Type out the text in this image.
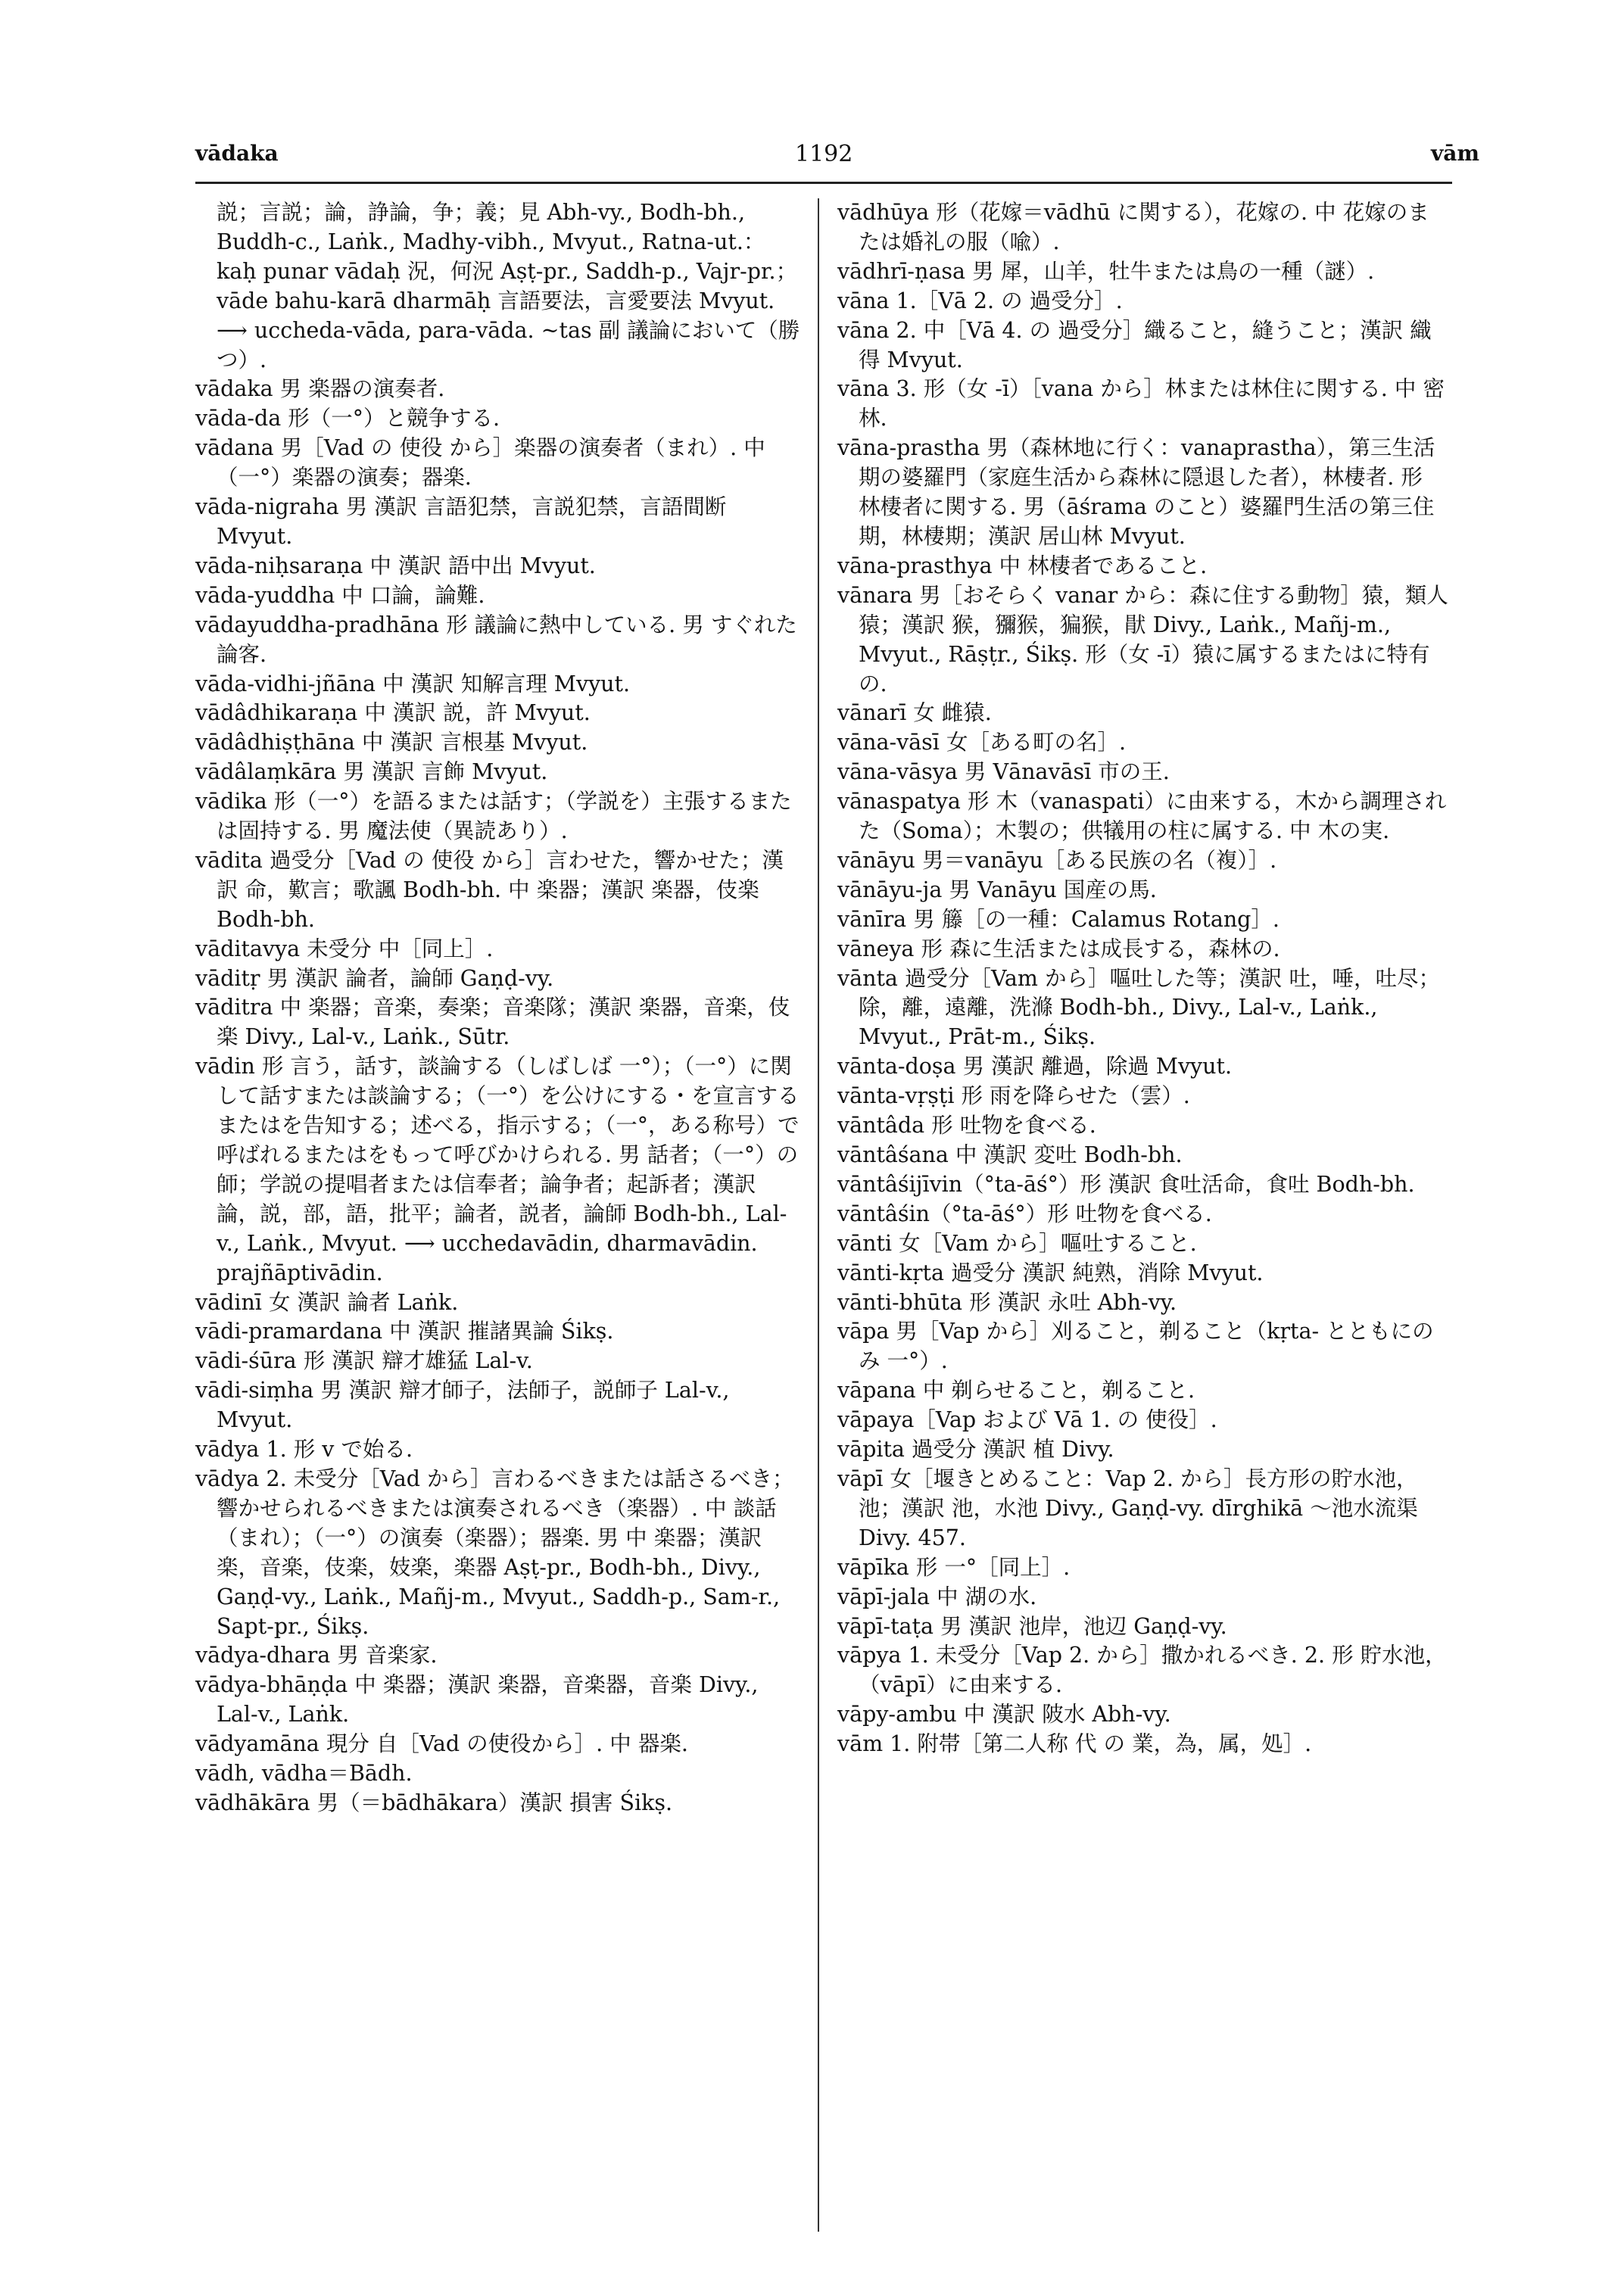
vādaka	1192	vām

説；言説；論，諍論，争；義；見 Abh-vy., Bodh-bh., Buddh-c., Laṅk., Madhy-vibh., Mvyut., Ratna-ut.：kaḥ punar vādaḥ 況，何況 Aṣṭ-pr., Saddh-p., Vajr-pr.；vāde bahu-karā dharmāḥ 言語要法，言愛要法 Mvyut. ⟶ uccheda-vāda, para-vāda. ~tas 副 議論において（勝つ）.

vādaka 男 楽器の演奏者.

vāda-da 形（一°）と競争する.

vādana 男［Vad の 使役 から］楽器の演奏者（まれ）. 中（一°）楽器の演奏；器楽.

vāda-nigraha 男 漢訳 言語犯禁，言説犯禁，言語間断 Mvyut.

vāda-niḥsaraṇa 中 漢訳 語中出 Mvyut.

vāda-yuddha 中 口論，論難.

vādayuddha-pradhāna 形 議論に熱中している. 男 すぐれた論客.

vāda-vidhi-jñāna 中 漢訳 知解言理 Mvyut.

vādâdhikaraṇa 中 漢訳 説，許 Mvyut.

vādâdhiṣṭhāna 中 漢訳 言根基 Mvyut.

vādâlaṃkāra 男 漢訳 言飾 Mvyut.

vādika 形（一°）を語るまたは話す；（学説を）主張するまたは固持する. 男 魔法使（異読あり）.

vādita 過受分［Vad の 使役 から］言わせた，響かせた；漢訳 命，歎言；歌諷 Bodh-bh. 中 楽器；漢訳 楽器，伎楽 Bodh-bh.

vāditavya 未受分 中［同上］.

vāditṛ 男 漢訳 論者，論師 Gaṇḍ-vy.

vāditra 中 楽器；音楽，奏楽；音楽隊；漢訳 楽器，音楽，伎楽 Divy., Lal-v., Laṅk., Sūtr.

vādin 形 言う，話す，談論する（しばしば 一°）；（一°）に関して話すまたは談論する；（一°）を公けにする・を宣言するまたはを告知する；述べる，指示する；（一°，ある称号）で呼ばれるまたはをもって呼びかけられる. 男 話者；（一°）の師；学説の提唱者または信奉者；論争者；起訴者；漢訳 論，説，部，語，批平；論者，説者，論師 Bodh-bh., Lal-v., Laṅk., Mvyut. ⟶ ucchedavādin, dharmavādin. prajñāptivādin.

vādinī 女 漢訳 論者 Laṅk.

vādi-pramardana 中 漢訳 摧諸異論 Śikṣ.

vādi-śūra 形 漢訳 辯才雄猛 Lal-v.

vādi-siṃha 男 漢訳 辯才師子，法師子，説師子 Lal-v., Mvyut.

vādya 1. 形 v で始る.

vādya 2. 未受分［Vad から］言わるべきまたは話さるべき；響かせられるべきまたは演奏されるべき（楽器）. 中 談話（まれ）；（一°）の演奏（楽器）；器楽. 男 中 楽器；漢訳 楽，音楽，伎楽，妓楽，楽器 Aṣṭ-pr., Bodh-bh., Divy., Gaṇḍ-vy., Laṅk., Mañj-m., Mvyut., Saddh-p., Sam-r., Sapt-pr., Śikṣ.

vādya-dhara 男 音楽家.

vādya-bhāṇḍa 中 楽器；漢訳 楽器，音楽器，音楽 Divy., Lal-v., Laṅk.

vādyamāna 現分 自［Vad の使役から］. 中 器楽.

vādh, vādha＝Bādh.

vādhākāra 男（＝bādhākara）漢訳 損害 Śikṣ.

vādhūya 形（花嫁＝vādhū に関する），花嫁の. 中 花嫁のまたは婚礼の服（喩）.

vādhrī-ṇasa 男 犀，山羊，牡牛または鳥の一種（謎）.

vāna 1.［Vā 2. の 過受分］.

vāna 2. 中［Vā 4. の 過受分］織ること，縫うこと；漢訳 織得 Mvyut.

vāna 3. 形（女 -ī）［vana から］林または林住に関する. 中 密林.

vāna-prastha 男（森林地に行く：vanaprastha），第三生活期の婆羅門（家庭生活から森林に隠退した者），林棲者. 形 林棲者に関する. 男（āśrama のこと）婆羅門生活の第三住期，林棲期；漢訳 居山林 Mvyut.

vāna-prasthya 中 林棲者であること.

vānara 男［おそらく vanar から：森に住する動物］猿，類人猿；漢訳 猴，獼猴，猵猴，猒 Divy., Laṅk., Mañj-m., Mvyut., Rāṣṭr., Śikṣ. 形（女 -ī）猿に属するまたはに特有の.

vānarī 女 雌猿.

vāna-vāsī 女［ある町の名］.

vāna-vāsya 男 Vānavāsī 市の王.

vānaspatya 形 木（vanaspati）に由来する，木から調理された（Soma）；木製の；供犠用の柱に属する. 中 木の実.

vānāyu 男＝vanāyu［ある民族の名（複）］.

vānāyu-ja 男 Vanāyu 国産の馬.

vānīra 男 籐［の一種：Calamus Rotang］.

vāneya 形 森に生活または成長する，森林の.

vānta 過受分［Vam から］嘔吐した等；漢訳 吐，唾，吐尽；除，離，遠離，洗滌 Bodh-bh., Divy., Lal-v., Laṅk., Mvyut., Prāt-m., Śikṣ.

vānta-doṣa 男 漢訳 離過，除過 Mvyut.

vānta-vṛṣṭi 形 雨を降らせた（雲）.

vāntâda 形 吐物を食べる.

vāntâśana 中 漢訳 変吐 Bodh-bh.

vāntâśijīvin（°ta-āś°）形 漢訳 食吐活命，食吐 Bodh-bh.

vāntâśin（°ta-āś°）形 吐物を食べる.

vānti 女［Vam から］嘔吐すること.

vānti-kṛta 過受分 漢訳 純熟，消除 Mvyut.

vānti-bhūta 形 漢訳 永吐 Abh-vy.

vāpa 男［Vap から］刈ること，剃ること（kṛta- とともにのみ 一°）.

vāpana 中 剃らせること，剃ること.

vāpaya［Vap および Vā 1. の 使役］.

vāpita 過受分 漢訳 植 Divy.

vāpī 女［堰きとめること：Vap 2. から］長方形の貯水池，池；漢訳 池，水池 Divy., Gaṇḍ-vy. dīrghikā ～池水流渠 Divy. 457.

vāpīka 形 一°［同上］.

vāpī-jala 中 湖の水.

vāpī-taṭa 男 漢訳 池岸，池辺 Gaṇḍ-vy.

vāpya 1. 未受分［Vap 2. から］撒かれるべき. 2. 形 貯水池，（vāpī）に由来する.

vāpy-ambu 中 漢訳 陂水 Abh-vy.

vām 1. 附帯［第二人称 代 の 業，為，属，処］.
